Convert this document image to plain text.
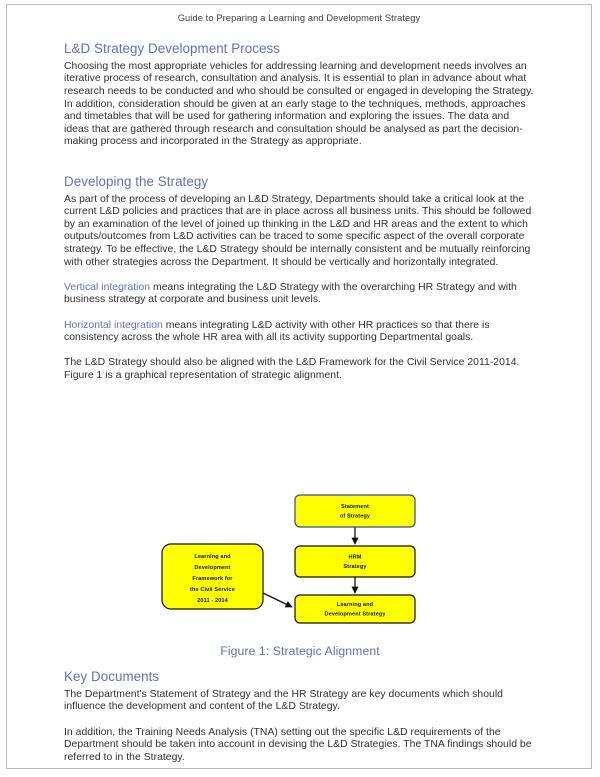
Guide to Preparing a Learning and Development Strategy
L&D Strategy Development Process

Choosing the most appropriate vehicles for addressing learning and development needs involves an iterative process of research, consultation and analysis. It is essential to plan in advance about what research needs to be conducted and who should be consulted or engaged in developing the Strategy. In addition, consideration should be given at an early stage to the techniques, methods, approaches and timetables that will be used for gathering information and exploring the issues. The data and ideas that are gathered through research and consultation should be analysed as part the decision-making process and incorporated in the Strategy as appropriate.

Developing the Strategy

As part of the process of developing an L&D Strategy, Departments should take a critical look at the current L&D policies and practices that are in place across all business units. This should be followed by an examination of the level of joined up thinking in the L&D and HR areas and the extent to which outputs/outcomes from L&D activities can be traced to some specific aspect of the overall corporate strategy. To be effective, the L&D Strategy should be internally consistent and be mutually reinforcing with other strategies across the Department. It should be vertically and horizontally integrated.

Vertical integration means integrating the L&D Strategy with the overarching HR Strategy and with business strategy at corporate and business unit levels.

Horizontal integration means integrating L&D activity with other HR practices so that there is consistency across the whole HR area with all its activity supporting Departmental goals.

The L&D Strategy should also be aligned with the L&D Framework for the Civil Service 2011-2014. Figure 1 is a graphical representation of strategic alignment.

Statement
of Strategy
HRM
Strategy
Learning and
Development Strategy
Learning and
Development
Framework for
the Civil Service
2011 - 2014
Figure 1: Strategic Alignment
Key Documents

The Department's Statement of Strategy and the HR Strategy are key documents which should influence the development and content of the L&D Strategy.

In addition, the Training Needs Analysis (TNA) setting out the specific L&D requirements of the Department should be taken into account in devising the L&D Strategies. The TNA findings should be referred to in the Strategy.
